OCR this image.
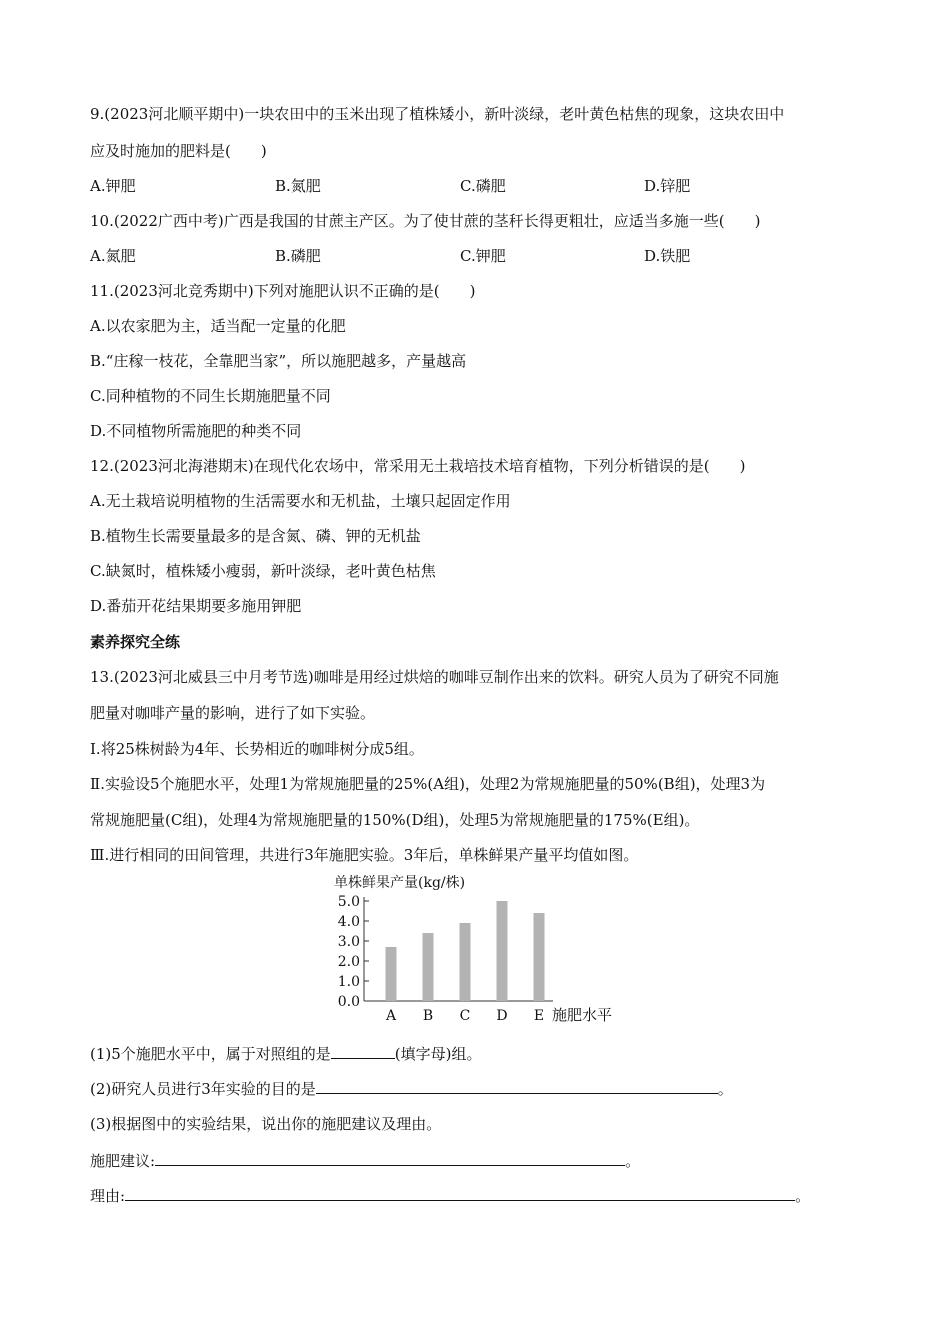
9.(2023河北顺平期中)一块农田中的玉米出现了植株矮小，新叶淡绿，老叶黄色枯焦的现象，这块农田中
应及时施加的肥料是(　　)
A.钾肥	B.氮肥	C.磷肥	D.锌肥
10.(2022广西中考)广西是我国的甘蔗主产区。为了使甘蔗的茎秆长得更粗壮，应适当多施一些(　　)
A.氮肥	B.磷肥	C.钾肥	D.铁肥
11.(2023河北竞秀期中)下列对施肥认识不正确的是(　　)
A.以农家肥为主，适当配一定量的化肥
B.“庄稼一枝花，全靠肥当家”，所以施肥越多，产量越高
C.同种植物的不同生长期施肥量不同
D.不同植物所需施肥的种类不同
12.(2023河北海港期末)在现代化农场中，常采用无土栽培技术培育植物，下列分析错误的是(　　)
A.无土栽培说明植物的生活需要水和无机盐，土壤只起固定作用
B.植物生长需要量最多的是含氮、磷、钾的无机盐
C.缺氮时，植株矮小瘦弱，新叶淡绿，老叶黄色枯焦
D.番茄开花结果期要多施用钾肥
素养探究全练
13.(2023河北威县三中月考节选)咖啡是用经过烘焙的咖啡豆制作出来的饮料。研究人员为了研究不同施
肥量对咖啡产量的影响，进行了如下实验。
Ⅰ.将25株树龄为4年、长势相近的咖啡树分成5组。
Ⅱ.实验设5个施肥水平，处理1为常规施肥量的25%(A组)，处理2为常规施肥量的50%(B组)，处理3为
常规施肥量(C组)，处理4为常规施肥量的150%(D组)，处理5为常规施肥量的175%(E组)。
Ⅲ.进行相同的田间管理，共进行3年施肥实验。3年后，单株鲜果产量平均值如图。
单株鲜果产量(kg/株)
0.0
1.0
2.0
3.0
4.0
5.0
A B C D E 施肥水平
(1)5个施肥水平中，属于对照组的是	(填字母)组。
(2)研究人员进行3年实验的目的是	。
(3)根据图中的实验结果，说出你的施肥建议及理由。
施肥建议:	。
理由:	。
